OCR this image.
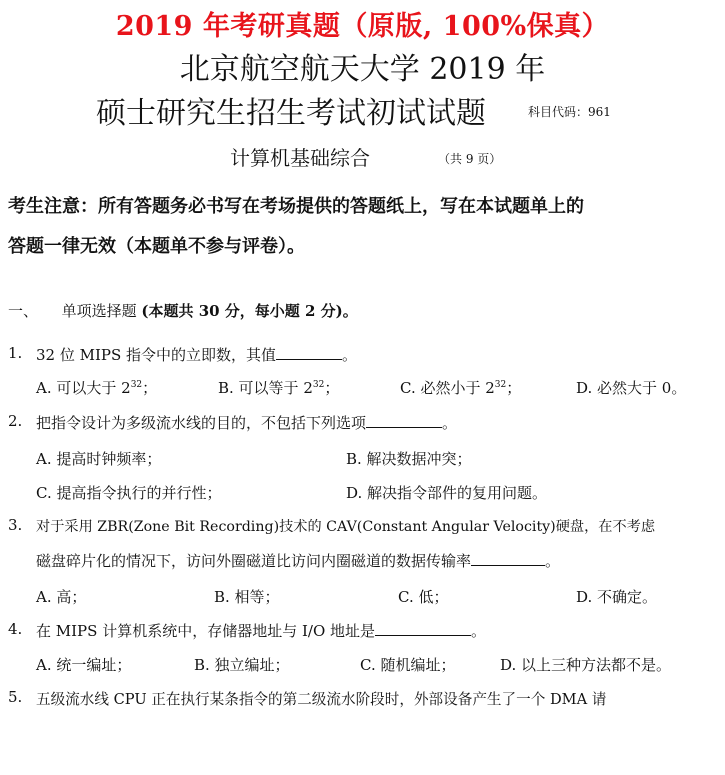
2019 年考研真题（原版, 100%保真）
北京航空航天大学 2019 年
硕士研究生招生考试初试试题	科目代码：961
计算机基础综合	（共 9 页）
考生注意：所有答题务必书写在考场提供的答题纸上，写在本试题单上的
答题一律无效（本题单不参与评卷）。
一、 单项选择题 (本题共 30 分，每小题 2 分)。
1. 32 位 MIPS 指令中的立即数，其值	。
A. 可以大于 $2^{32}$；	B. 可以等于 $2^{32}$；	C. 必然小于 $2^{32}$；	D. 必然大于 0。
2. 把指令设计为多级流水线的目的，不包括下列选项	。
A. 提高时钟频率；	B. 解决数据冲突；
C. 提高指令执行的并行性；	D. 解决指令部件的复用问题。
3. 对于采用 ZBR(Zone Bit Recording)技术的 CAV(Constant Angular Velocity)硬盘，在不考虑
磁盘碎片化的情况下，访问外圈磁道比访问内圈磁道的数据传输率	。
A. 高；	B. 相等；	C. 低；	D. 不确定。
4. 在 MIPS 计算机系统中，存储器地址与 I/O 地址是	。
A. 统一编址；	B. 独立编址；	C. 随机编址；	D. 以上三种方法都不是。
5. 五级流水线 CPU 正在执行某条指令的第二级流水阶段时，外部设备产生了一个 DMA 请
